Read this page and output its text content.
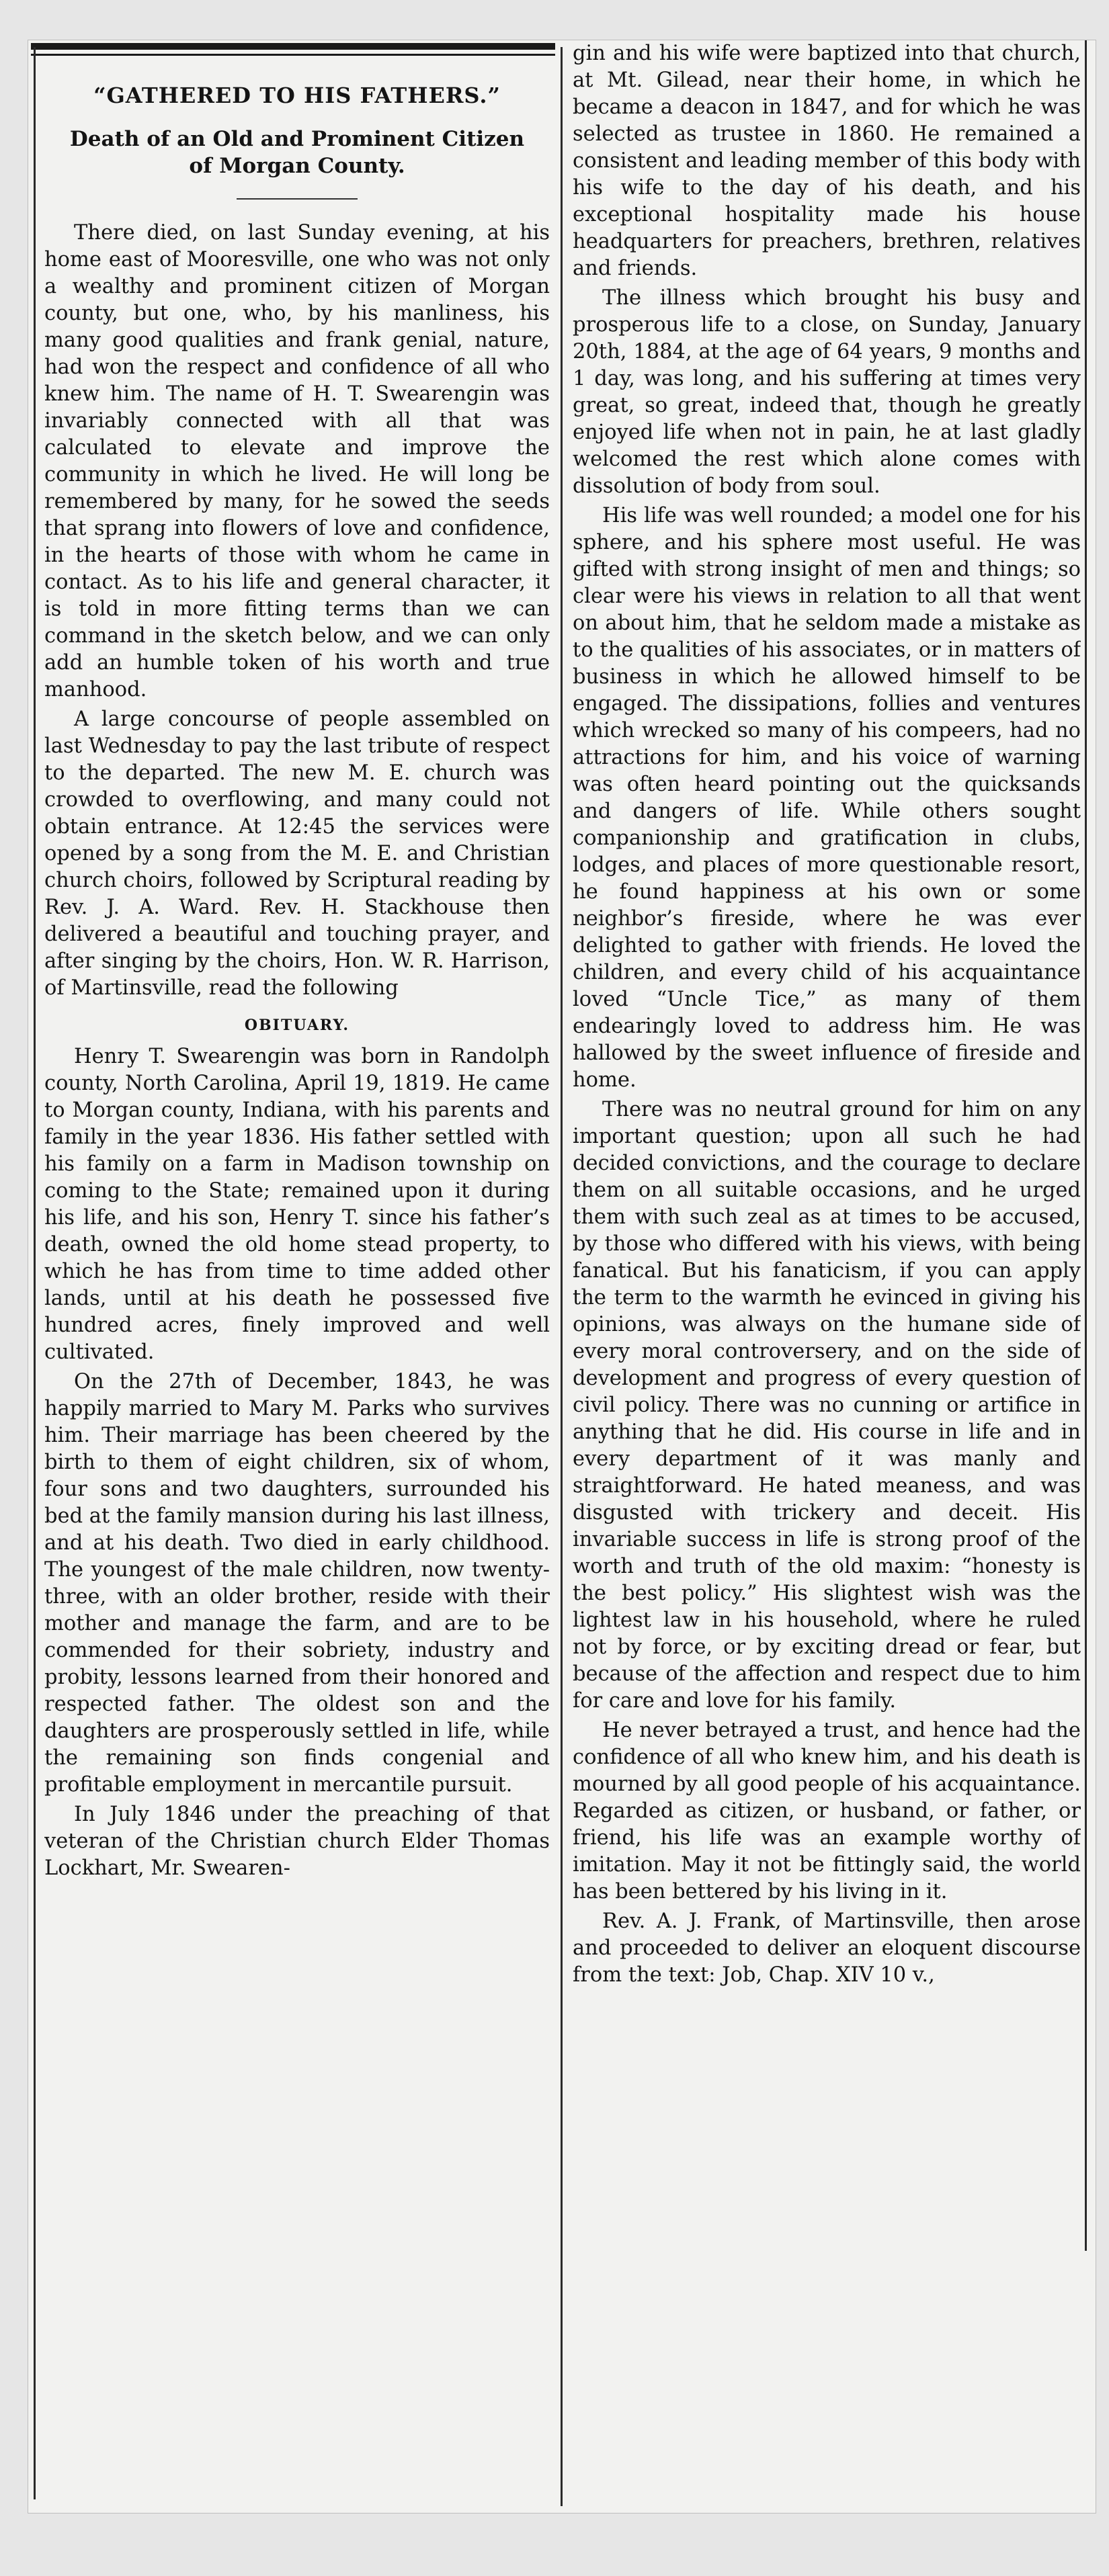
“GATHERED TO HIS FATHERS.”
Death of an Old and Prominent Citizen of Morgan County.

There died, on last Sunday evening, at his home east of Mooresville, one who was not only a wealthy and prominent citizen of Morgan county, but one, who, by his manliness, his many good qualities and frank genial, nature, had won the respect and confidence of all who knew him. The name of H. T. Swearengin was invariably connected with all that was calculated to elevate and improve the community in which he lived. He will long be remembered by many, for he sowed the seeds that sprang into flowers of love and confidence, in the hearts of those with whom he came in contact. As to his life and general character, it is told in more fitting terms than we can command in the sketch below, and we can only add an humble token of his worth and true manhood.

A large concourse of people assembled on last Wednesday to pay the last tribute of respect to the departed. The new M. E. church was crowded to overflowing, and many could not obtain entrance. At 12:45 the services were opened by a song from the M. E. and Christian church choirs, followed by Scriptural reading by Rev. J. A. Ward. Rev. H. Stackhouse then delivered a beautiful and touching prayer, and after singing by the choirs, Hon. W. R. Harrison, of Martinsville, read the following

OBITUARY.

Henry T. Swearengin was born in Randolph county, North Carolina, April 19, 1819. He came to Morgan county, Indiana, with his parents and family in the year 1836. His father settled with his family on a farm in Madison township on coming to the State; remained upon it during his life, and his son, Henry T. since his father’s death, owned the old home stead property, to which he has from time to time added other lands, until at his death he possessed five hundred acres, finely improved and well cultivated.

On the 27th of December, 1843, he was happily married to Mary M. Parks who survives him. Their marriage has been cheered by the birth to them of eight children, six of whom, four sons and two daughters, surrounded his bed at the family mansion during his last illness, and at his death. Two died in early childhood. The youngest of the male children, now twenty-three, with an older brother, reside with their mother and manage the farm, and are to be commended for their sobriety, industry and probity, lessons learned from their honored and respected father. The oldest son and the daughters are prosperously settled in life, while the remaining son finds congenial and profitable employment in mercantile pursuit.

In July 1846 under the preaching of that veteran of the Christian church Elder Thomas Lockhart, Mr. Swearen-

gin and his wife were baptized into that church, at Mt. Gilead, near their home, in which he became a deacon in 1847, and for which he was selected as trustee in 1860. He remained a consistent and leading member of this body with his wife to the day of his death, and his exceptional hospitality made his house headquarters for preachers, brethren, relatives and friends.

The illness which brought his busy and prosperous life to a close, on Sunday, January 20th, 1884, at the age of 64 years, 9 months and 1 day, was long, and his suffering at times very great, so great, indeed that, though he greatly enjoyed life when not in pain, he at last gladly welcomed the rest which alone comes with dissolution of body from soul.

His life was well rounded; a model one for his sphere, and his sphere most useful. He was gifted with strong insight of men and things; so clear were his views in relation to all that went on about him, that he seldom made a mistake as to the qualities of his associates, or in matters of business in which he allowed himself to be engaged. The dissipations, follies and ventures which wrecked so many of his compeers, had no attractions for him, and his voice of warning was often heard pointing out the quicksands and dangers of life. While others sought companionship and gratification in clubs, lodges, and places of more questionable resort, he found happiness at his own or some neighbor’s fireside, where he was ever delighted to gather with friends. He loved the children, and every child of his acquaintance loved “Uncle Tice,” as many of them endearingly loved to address him. He was hallowed by the sweet influence of fireside and home.

There was no neutral ground for him on any important question; upon all such he had decided convictions, and the courage to declare them on all suitable occasions, and he urged them with such zeal as at times to be accused, by those who differed with his views, with being fanatical. But his fanaticism, if you can apply the term to the warmth he evinced in giving his opinions, was always on the humane side of every moral controversery, and on the side of development and progress of every question of civil policy. There was no cunning or artifice in anything that he did. His course in life and in every department of it was manly and straightforward. He hated meaness, and was disgusted with trickery and deceit. His invariable success in life is strong proof of the worth and truth of the old maxim: “honesty is the best policy.” His slightest wish was the lightest law in his household, where he ruled not by force, or by exciting dread or fear, but because of the affection and respect due to him for care and love for his family.

He never betrayed a trust, and hence had the confidence of all who knew him, and his death is mourned by all good people of his acquaintance. Regarded as citizen, or husband, or father, or friend, his life was an example worthy of imitation. May it not be fittingly said, the world has been bettered by his living in it.

Rev. A. J. Frank, of Martinsville, then arose and proceeded to deliver an eloquent discourse from the text: Job, Chap. XIV 10 v.,
